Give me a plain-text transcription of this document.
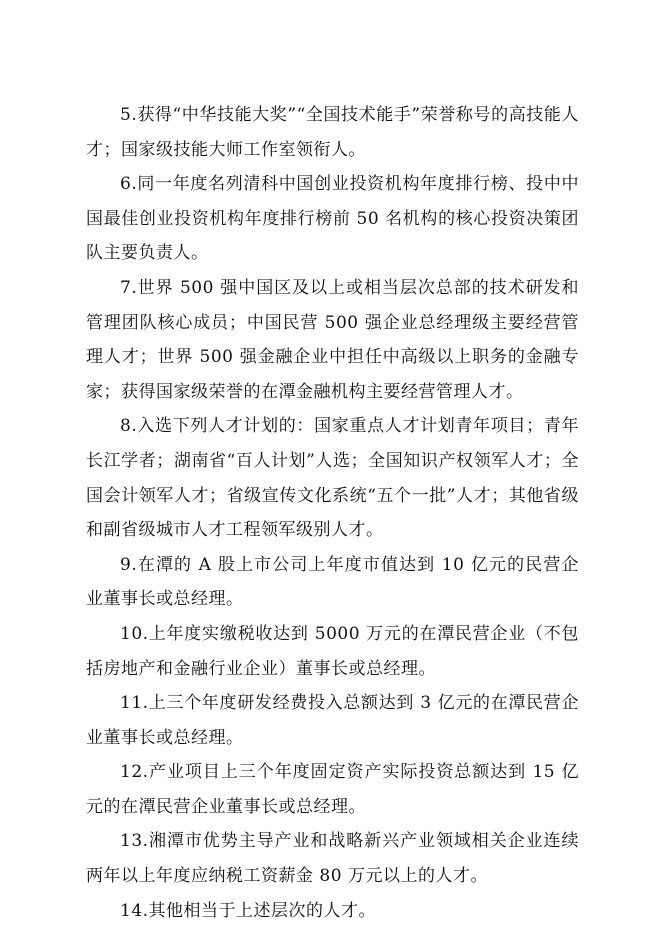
5.获得“中华技能大奖”“全国技术能手”荣誉称号的高技能人才；国家级技能大师工作室领衔人。

6.同一年度名列清科中国创业投资机构年度排行榜、投中中国最佳创业投资机构年度排行榜前 50 名机构的核心投资决策团队主要负责人。

7.世界 500 强中国区及以上或相当层次总部的技术研发和管理团队核心成员；中国民营 500 强企业总经理级主要经营管理人才；世界 500 强金融企业中担任中高级以上职务的金融专家；获得国家级荣誉的在潭金融机构主要经营管理人才。

8.入选下列人才计划的：国家重点人才计划青年项目；青年长江学者；湖南省“百人计划”人选；全国知识产权领军人才；全国会计领军人才；省级宣传文化系统“五个一批”人才；其他省级和副省级城市人才工程领军级别人才。

9.在潭的 A 股上市公司上年度市值达到 10 亿元的民营企业董事长或总经理。

10.上年度实缴税收达到 5000 万元的在潭民营企业（不包括房地产和金融行业企业）董事长或总经理。

11.上三个年度研发经费投入总额达到 3 亿元的在潭民营企业董事长或总经理。

12.产业项目上三个年度固定资产实际投资总额达到 15 亿元的在潭民营企业董事长或总经理。

13.湘潭市优势主导产业和战略新兴产业领域相关企业连续两年以上年度应纳税工资薪金 80 万元以上的人才。

14.其他相当于上述层次的人才。
